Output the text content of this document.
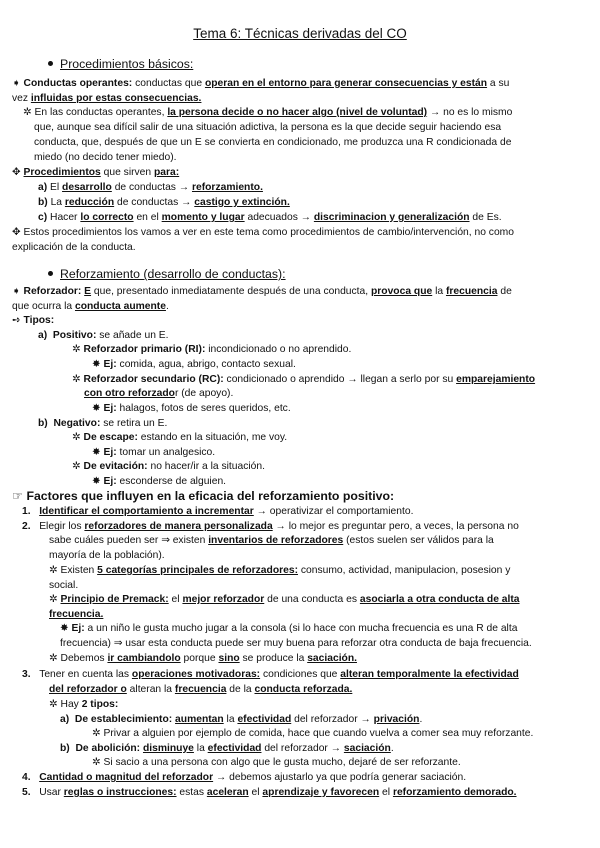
Tema 6: Técnicas derivadas del CO
Procedimientos básicos:
➧ Conductas operantes: conductas que operan en el entorno para generar consecuencias y están a su
vez influidas por estas consecuencias.
✲ En las conductas operantes, la persona decide o no hacer algo (nivel de voluntad) → no es lo mismo
que, aunque sea difícil salir de una situación adictiva, la persona es la que decide seguir haciendo esa
conducta, que, después de que un E se convierta en condicionado, me produzca una R condicionada de
miedo (no decido tener miedo).
✥ Procedimientos que sirven para:
a) El desarrollo de conductas → reforzamiento.
b) La reducción de conductas → castigo y extinción.
c) Hacer lo correcto en el momento y lugar adecuados → discriminacion y generalización de Es.
✥ Estos procedimientos los vamos a ver en este tema como procedimientos de cambio/intervención, no como
explicación de la conducta.
Reforzamiento (desarrollo de conductas):
➧ Reforzador: E que, presentado inmediatamente después de una conducta, provoca que la frecuencia de
que ocurra la conducta aumente.
➺ Tipos:
a) Positivo: se añade un E.
✲ Reforzador primario (RI): incondicionado o no aprendido.
✸ Ej: comida, agua, abrigo, contacto sexual.
✲ Reforzador secundario (RC): condicionado o aprendido → llegan a serlo por su emparejamiento
con otro reforzador (de apoyo).
✸ Ej: halagos, fotos de seres queridos, etc.
b) Negativo: se retira un E.
✲ De escape: estando en la situación, me voy.
✸ Ej: tomar un analgesico.
✲ De evitación: no hacer/ir a la situación.
✸ Ej: esconderse de alguien.
☞ Factores que influyen en la eficacia del reforzamiento positivo:
1. Identificar el comportamiento a incrementar → operativizar el comportamiento.
2. Elegir los reforzadores de manera personalizada → lo mejor es preguntar pero, a veces, la persona no
sabe cuáles pueden ser ⇒ existen inventarios de reforzadores (estos suelen ser válidos para la
mayoría de la población).
✲ Existen 5 categorías principales de reforzadores: consumo, actividad, manipulacion, posesion y
social.
✲ Principio de Premack: el mejor reforzador de una conducta es asociarla a otra conducta de alta
frecuencia.
✸ Ej: a un niño le gusta mucho jugar a la consola (si lo hace con mucha frecuencia es una R de alta
frecuencia) ⇒ usar esta conducta puede ser muy buena para reforzar otra conducta de baja frecuencia.
✲ Debemos ir cambiandolo porque sino se produce la saciación.
3. Tener en cuenta las operaciones motivadoras: condiciones que alteran temporalmente la efectividad
del reforzador o alteran la frecuencia de la conducta reforzada.
✲ Hay 2 tipos:
a) De establecimiento: aumentan la efectividad del reforzador → privación.
✲ Privar a alguien por ejemplo de comida, hace que cuando vuelva a comer sea muy reforzante.
b) De abolición: disminuye la efectividad del reforzador → saciación.
✲ Si sacio a una persona con algo que le gusta mucho, dejaré de ser reforzante.
4. Cantidad o magnitud del reforzador → debemos ajustarlo ya que podría generar saciación.
5. Usar reglas o instrucciones: estas aceleran el aprendizaje y favorecen el reforzamiento demorado.
